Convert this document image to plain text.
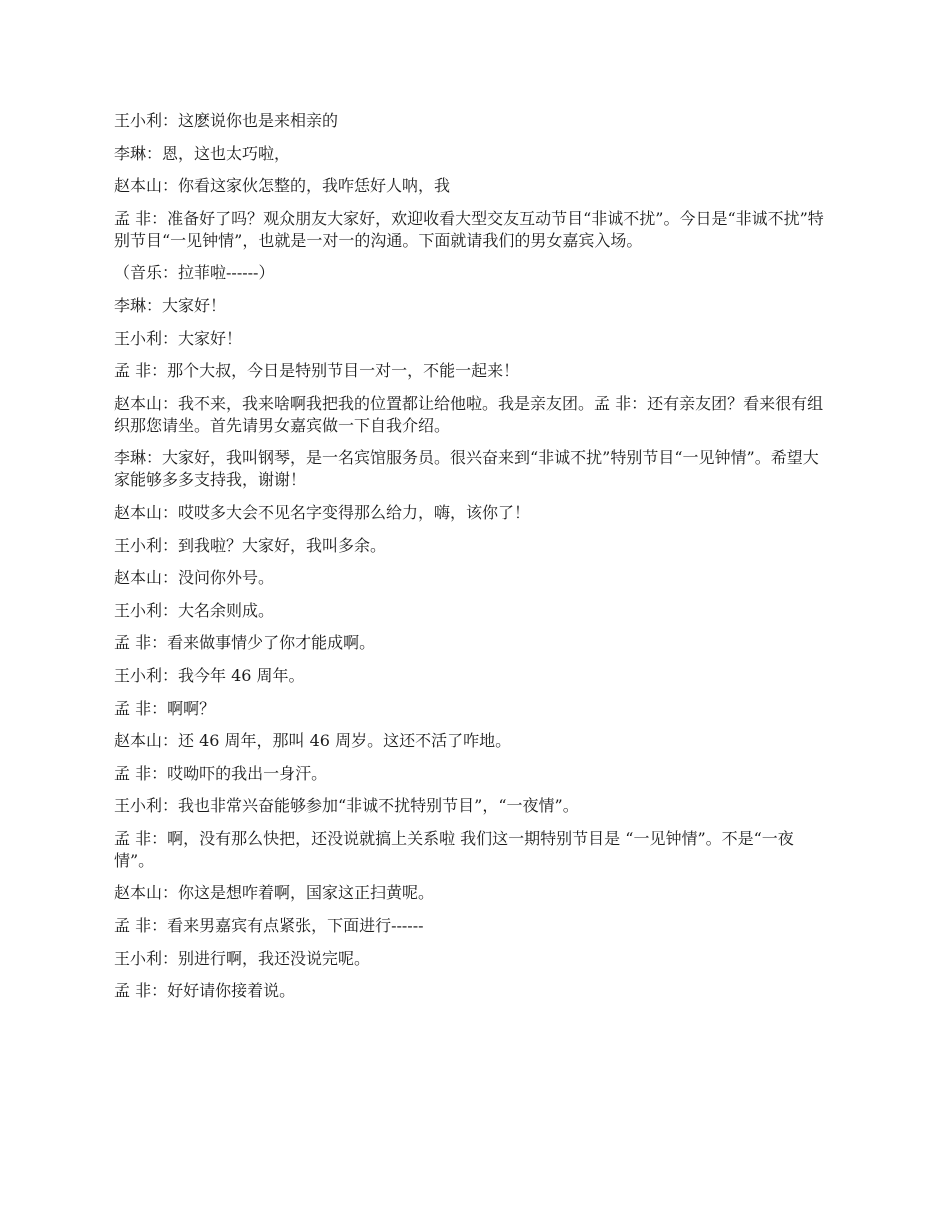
王小利：这麽说你也是来相亲的

李琳：恩，这也太巧啦，

赵本山：你看这家伙怎整的，我咋恁好人呐，我

孟 非：准备好了吗？观众朋友大家好，欢迎收看大型交友互动节目“非诚不扰”。今日是“非诚不扰”特别节目“一见钟情”，也就是一对一的沟通。下面就请我们的男女嘉宾入场。

（音乐：拉菲啦------）

李琳：大家好！

王小利：大家好！

孟 非：那个大叔，今日是特别节目一对一，不能一起来！

赵本山：我不来，我来啥啊我把我的位置都让给他啦。我是亲友团。孟 非：还有亲友团？看来很有组织那您请坐。首先请男女嘉宾做一下自我介绍。

李琳：大家好，我叫钢琴，是一名宾馆服务员。很兴奋来到“非诚不扰”特别节目“一见钟情”。希望大家能够多多支持我，谢谢！

赵本山：哎哎多大会不见名字变得那么给力，嗨，该你了！

王小利：到我啦？大家好，我叫多余。

赵本山：没问你外号。

王小利：大名余则成。

孟 非：看来做事情少了你才能成啊。

王小利：我今年 46 周年。

孟 非：啊啊？

赵本山：还 46 周年，那叫 46 周岁。这还不活了咋地。

孟 非：哎呦吓的我出一身汗。

王小利：我也非常兴奋能够参加“非诚不扰特别节目”，“一夜情”。

孟 非：啊，没有那么快把，还没说就搞上关系啦 我们这一期特别节目是 “一见钟情”。不是“一夜情”。

赵本山：你这是想咋着啊，国家这正扫黄呢。

孟 非：看来男嘉宾有点紧张，下面进行------

王小利：别进行啊，我还没说完呢。

孟 非：好好请你接着说。
